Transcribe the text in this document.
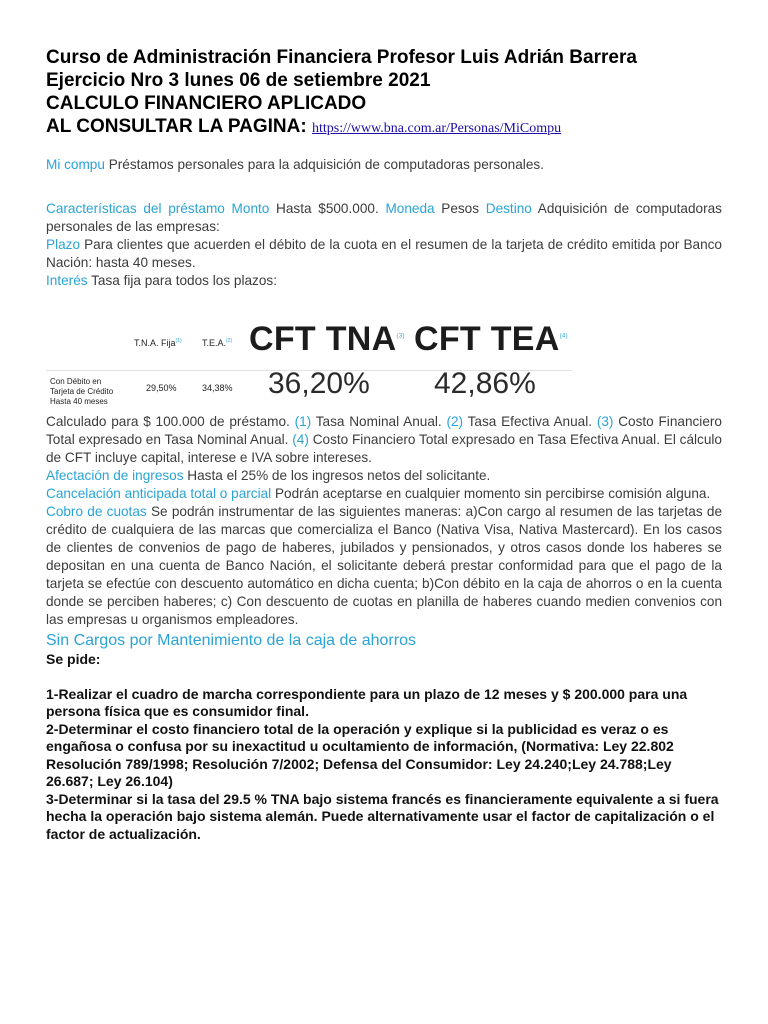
Curso de Administración Financiera Profesor Luis Adrián Barrera
Ejercicio Nro 3 lunes 06 de setiembre 2021
CALCULO FINANCIERO APLICADO
AL CONSULTAR LA PAGINA: https://www.bna.com.ar/Personas/MiCompu
Mi compu Préstamos personales para la adquisición de computadoras personales.
Características del préstamo Monto Hasta $500.000. Moneda Pesos Destino Adquisición de computadoras personales de las empresas:
Plazo Para clientes que acuerden el débito de la cuota en el resumen de la tarjeta de crédito emitida por Banco Nación: hasta 40 meses.
Interés Tasa fija para todos los plazos:
T.N.A. Fija$^{(1)}$ T.E.A.$^{(2)}$ CFT TNA$^{(3)}$ CFT TEA$^{(4)}$
Con Débito en
Tarjeta de Crédito
Hasta 40 meses
29,50%	34,38% 36,20% 42,86%
Calculado para $ 100.000 de préstamo. (1) Tasa Nominal Anual. (2) Tasa Efectiva Anual. (3) Costo Financiero Total expresado en Tasa Nominal Anual. (4) Costo Financiero Total expresado en Tasa Efectiva Anual. El cálculo de CFT incluye capital, interese e IVA sobre intereses.
Afectación de ingresos Hasta el 25% de los ingresos netos del solicitante.
Cancelación anticipada total o parcial Podrán aceptarse en cualquier momento sin percibirse comisión alguna.
Cobro de cuotas Se podrán instrumentar de las siguientes maneras: a)Con cargo al resumen de las tarjetas de crédito de cualquiera de las marcas que comercializa el Banco (Nativa Visa, Nativa Mastercard). En los casos de clientes de convenios de pago de haberes, jubilados y pensionados, y otros casos donde los haberes se depositan en una cuenta de Banco Nación, el solicitante deberá prestar conformidad para que el pago de la tarjeta se efectúe con descuento automático en dicha cuenta; b)Con débito en la caja de ahorros o en la cuenta donde se perciben haberes; c) Con descuento de cuotas en planilla de haberes cuando medien convenios con las empresas u organismos empleadores.
Sin Cargos por Mantenimiento de la caja de ahorros
Se pide:
1-Realizar el cuadro de marcha correspondiente para un plazo de 12 meses y $ 200.000 para una persona física que es consumidor final.
2-Determinar el costo financiero total de la operación y explique si la publicidad es veraz o es engañosa o confusa por su inexactitud u ocultamiento de información, (Normativa: Ley 22.802 Resolución 789/1998; Resolución 7/2002; Defensa del Consumidor: Ley 24.240;Ley 24.788;Ley 26.687; Ley 26.104)
3-Determinar si la tasa del 29.5 % TNA bajo sistema francés es financieramente equivalente a si fuera hecha la operación bajo sistema alemán. Puede alternativamente usar el factor de capitalización o el factor de actualización.
